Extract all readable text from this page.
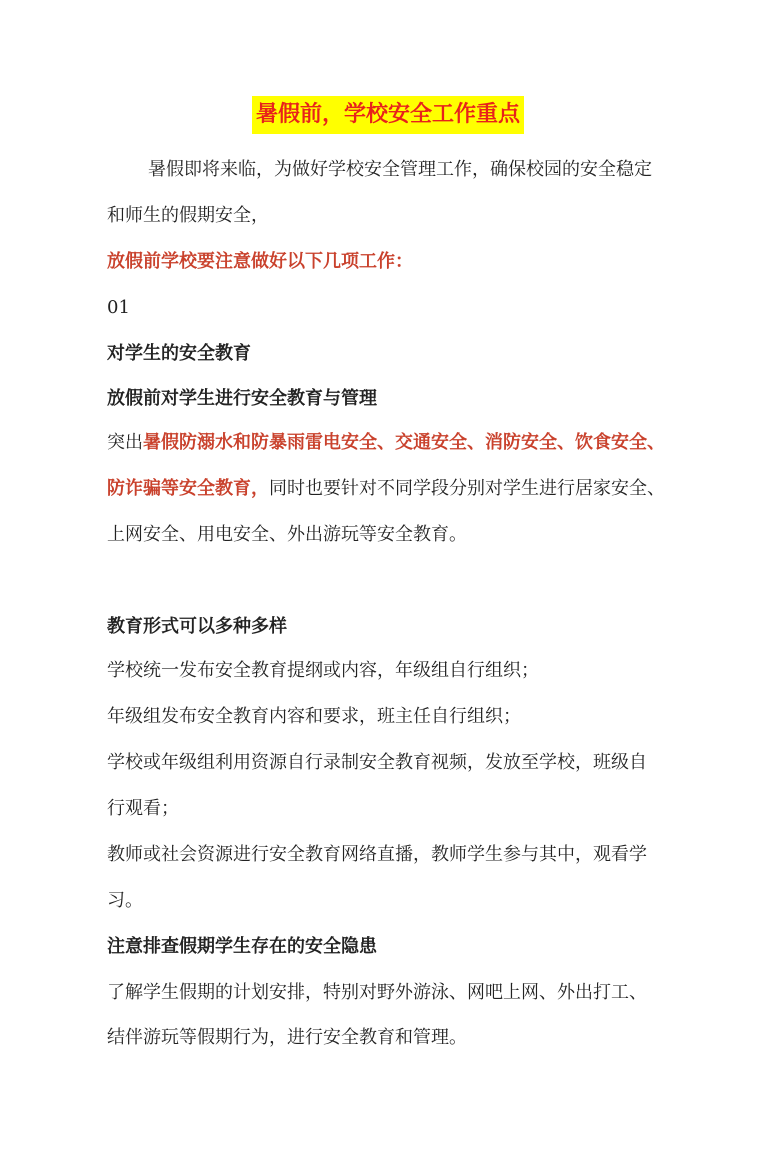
暑假前，学校安全工作重点
暑假即将来临，为做好学校安全管理工作，确保校园的安全稳定
和师生的假期安全，
放假前学校要注意做好以下几项工作：
01
对学生的安全教育
放假前对学生进行安全教育与管理
突出暑假防溺水和防暴雨雷电安全、交通安全、消防安全、饮食安全、
防诈骗等安全教育，同时也要针对不同学段分别对学生进行居家安全、
上网安全、用电安全、外出游玩等安全教育。
教育形式可以多种多样
学校统一发布安全教育提纲或内容，年级组自行组织；
年级组发布安全教育内容和要求，班主任自行组织；
学校或年级组利用资源自行录制安全教育视频，发放至学校，班级自
行观看；
教师或社会资源进行安全教育网络直播，教师学生参与其中，观看学
习。
注意排查假期学生存在的安全隐患
了解学生假期的计划安排，特别对野外游泳、网吧上网、外出打工、
结伴游玩等假期行为，进行安全教育和管理。
